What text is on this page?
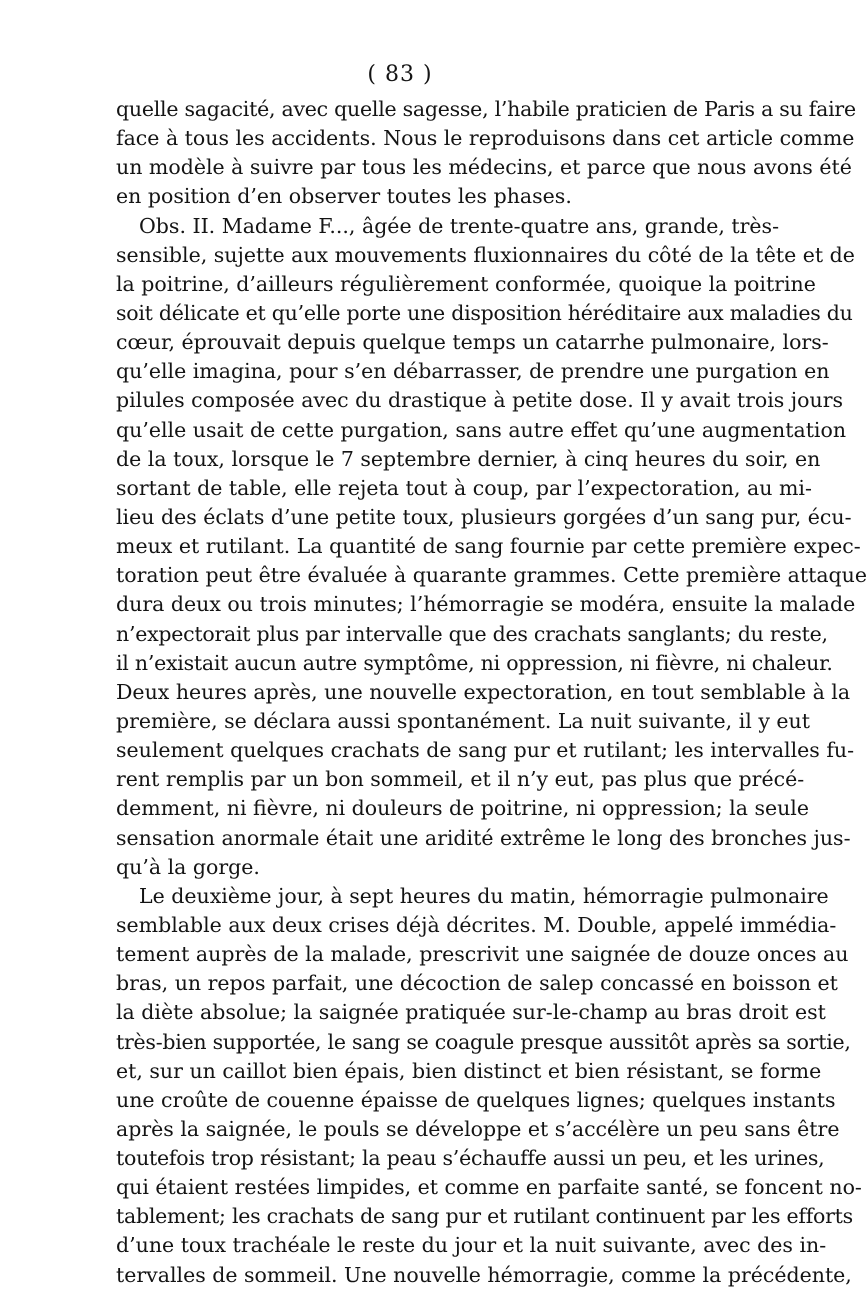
( 83 )
quelle sagacité, avec quelle sagesse, l’habile praticien de Paris a su faire
face à tous les accidents. Nous le reproduisons dans cet article comme
un modèle à suivre par tous les médecins, et parce que nous avons été
en position d’en observer toutes les phases.
Obs. II. Madame F..., âgée de trente-quatre ans, grande, très-
sensible, sujette aux mouvements fluxionnaires du côté de la tête et de
la poitrine, d’ailleurs régulièrement conformée, quoique la poitrine
soit délicate et qu’elle porte une disposition héréditaire aux maladies du
cœur, éprouvait depuis quelque temps un catarrhe pulmonaire, lors-
qu’elle imagina, pour s’en débarrasser, de prendre une purgation en
pilules composée avec du drastique à petite dose. Il y avait trois jours
qu’elle usait de cette purgation, sans autre effet qu’une augmentation
de la toux, lorsque le 7 septembre dernier, à cinq heures du soir, en
sortant de table, elle rejeta tout à coup, par l’expectoration, au mi-
lieu des éclats d’une petite toux, plusieurs gorgées d’un sang pur, écu-
meux et rutilant. La quantité de sang fournie par cette première expec-
toration peut être évaluée à quarante grammes. Cette première attaque
dura deux ou trois minutes; l’hémorragie se modéra, ensuite la malade
n’expectorait plus par intervalle que des crachats sanglants; du reste,
il n’existait aucun autre symptôme, ni oppression, ni fièvre, ni chaleur.
Deux heures après, une nouvelle expectoration, en tout semblable à la
première, se déclara aussi spontanément. La nuit suivante, il y eut
seulement quelques crachats de sang pur et rutilant; les intervalles fu-
rent remplis par un bon sommeil, et il n’y eut, pas plus que précé-
demment, ni fièvre, ni douleurs de poitrine, ni oppression; la seule
sensation anormale était une aridité extrême le long des bronches jus-
qu’à la gorge.
Le deuxième jour, à sept heures du matin, hémorragie pulmonaire
semblable aux deux crises déjà décrites. M. Double, appelé immédia-
tement auprès de la malade, prescrivit une saignée de douze onces au
bras, un repos parfait, une décoction de salep concassé en boisson et
la diète absolue; la saignée pratiquée sur-le-champ au bras droit est
très-bien supportée, le sang se coagule presque aussitôt après sa sortie,
et, sur un caillot bien épais, bien distinct et bien résistant, se forme
une croûte de couenne épaisse de quelques lignes; quelques instants
après la saignée, le pouls se développe et s’accélère un peu sans être
toutefois trop résistant; la peau s’échauffe aussi un peu, et les urines,
qui étaient restées limpides, et comme en parfaite santé, se foncent no-
tablement; les crachats de sang pur et rutilant continuent par les efforts
d’une toux trachéale le reste du jour et la nuit suivante, avec des in-
tervalles de sommeil. Une nouvelle hémorragie, comme la précédente,
